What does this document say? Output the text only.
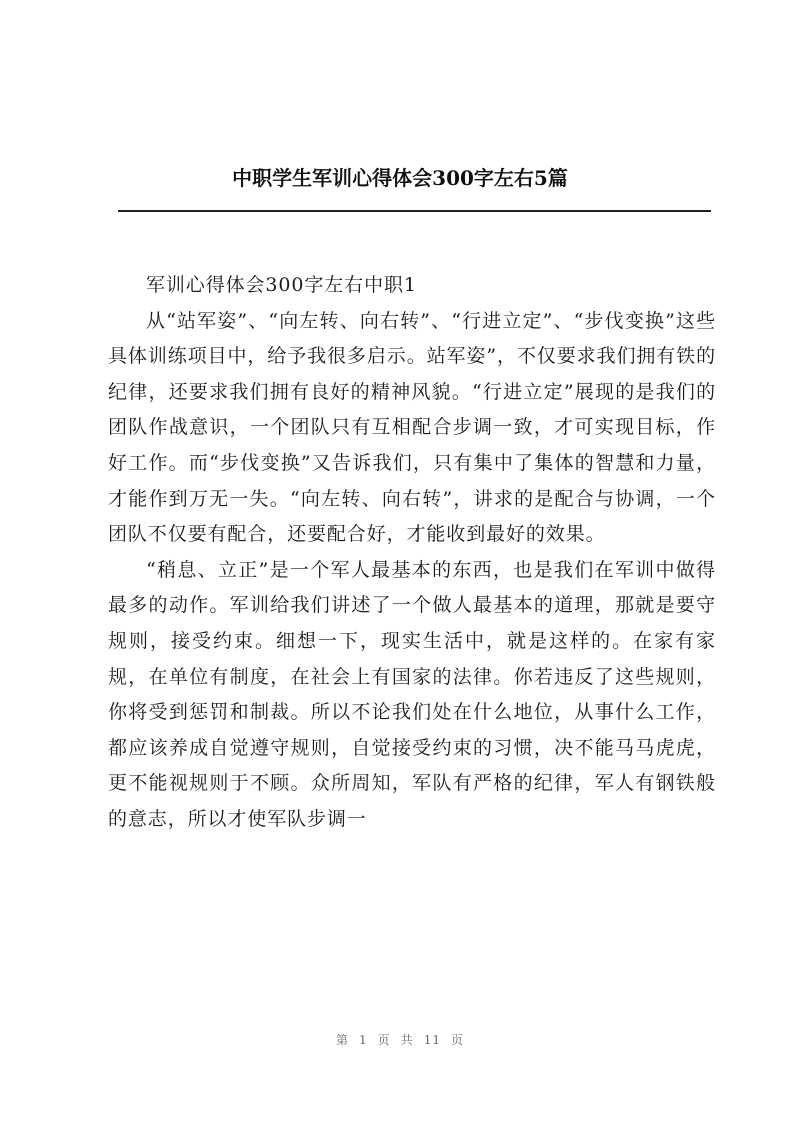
中职学生军训心得体会300字左右5篇

军训心得体会300字左右中职1

从“站军姿”、“向左转、向右转”、“行进立定”、“步伐变换”这些具体训练项目中，给予我很多启示。站军姿”，不仅要求我们拥有铁的纪律，还要求我们拥有良好的精神风貌。“行进立定”展现的是我们的团队作战意识，一个团队只有互相配合步调一致，才可实现目标，作好工作。而“步伐变换”又告诉我们，只有集中了集体的智慧和力量，才能作到万无一失。“向左转、向右转”，讲求的是配合与协调，一个团队不仅要有配合，还要配合好，才能收到最好的效果。

“稍息、立正”是一个军人最基本的东西，也是我们在军训中做得最多的动作。军训给我们讲述了一个做人最基本的道理，那就是要守规则，接受约束。细想一下，现实生活中，就是这样的。在家有家规，在单位有制度，在社会上有国家的法律。你若违反了这些规则，你将受到惩罚和制裁。所以不论我们处在什么地位，从事什么工作，都应该养成自觉遵守规则，自觉接受约束的习惯，决不能马马虎虎，更不能视规则于不顾。众所周知，军队有严格的纪律，军人有钢铁般的意志，所以才使军队步调一

第 1 页 共 11 页
